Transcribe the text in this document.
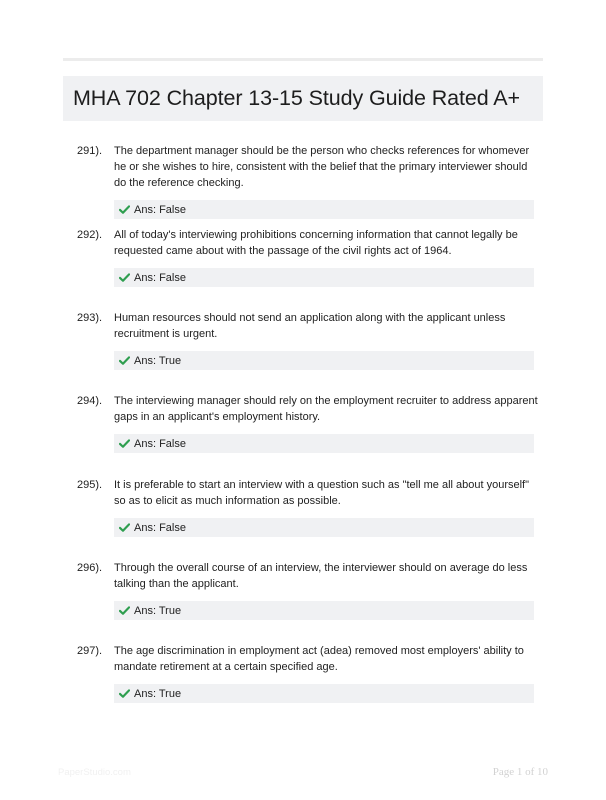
MHA 702 Chapter 13-15 Study Guide Rated A+
291). The department manager should be the person who checks references for whomever he or she wishes to hire, consistent with the belief that the primary interviewer should do the reference checking.

Ans: False
292). All of today's interviewing prohibitions concerning information that cannot legally be requested came about with the passage of the civil rights act of 1964.

Ans: False
293). Human resources should not send an application along with the applicant unless recruitment is urgent.

Ans: True
294). The interviewing manager should rely on the employment recruiter to address apparent gaps in an applicant's employment history.

Ans: False
295). It is preferable to start an interview with a question such as "tell me all about yourself" so as to elicit as much information as possible.

Ans: False
296). Through the overall course of an interview, the interviewer should on average do less talking than the applicant.

Ans: True
297). The age discrimination in employment act (adea) removed most employers' ability to mandate retirement at a certain specified age.

Ans: True
PaperStudio.com	Page 1 of 10
